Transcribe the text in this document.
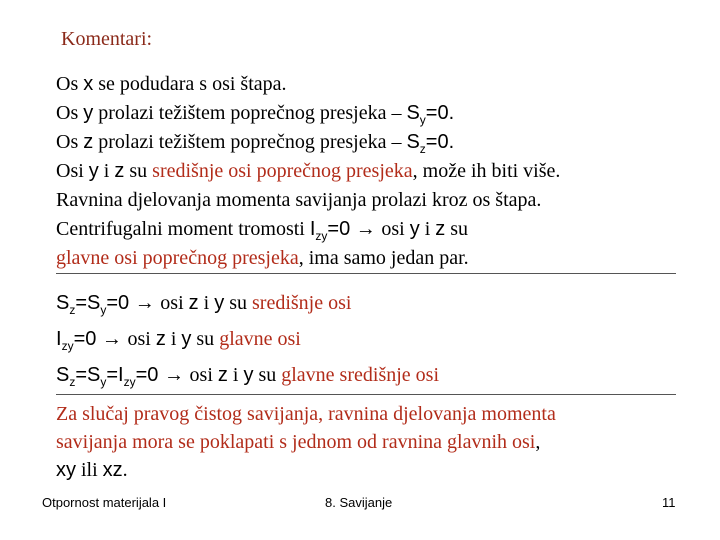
Komentari:
Os x se podudara s osi štapa.
Os y prolazi težištem poprečnog presjeka – $S_y=0$.
Os z prolazi težištem poprečnog presjeka – $S_z=0$.
Osi y i z su središnje osi poprečnog presjeka, može ih biti više.
Ravnina djelovanja momenta savijanja prolazi kroz os štapa.
Centrifugalni moment tromosti $I_{zy}=0$ → osi y i z su
glavne osi poprečnog presjeka, ima samo jedan par.
$S_z=S_y=0$ → osi z i y su središnje osi
$I_{zy}=0$ → osi z i y su glavne osi
$S_z=S_y=I_{zy}=0$ → osi z i y su glavne središnje osi
Za slučaj pravog čistog savijanja, ravnina djelovanja momenta
savijanja mora se poklapati s jednom od ravnina glavnih osi,
xy ili xz.
Otpornost materijala I	8. Savijanje	11
